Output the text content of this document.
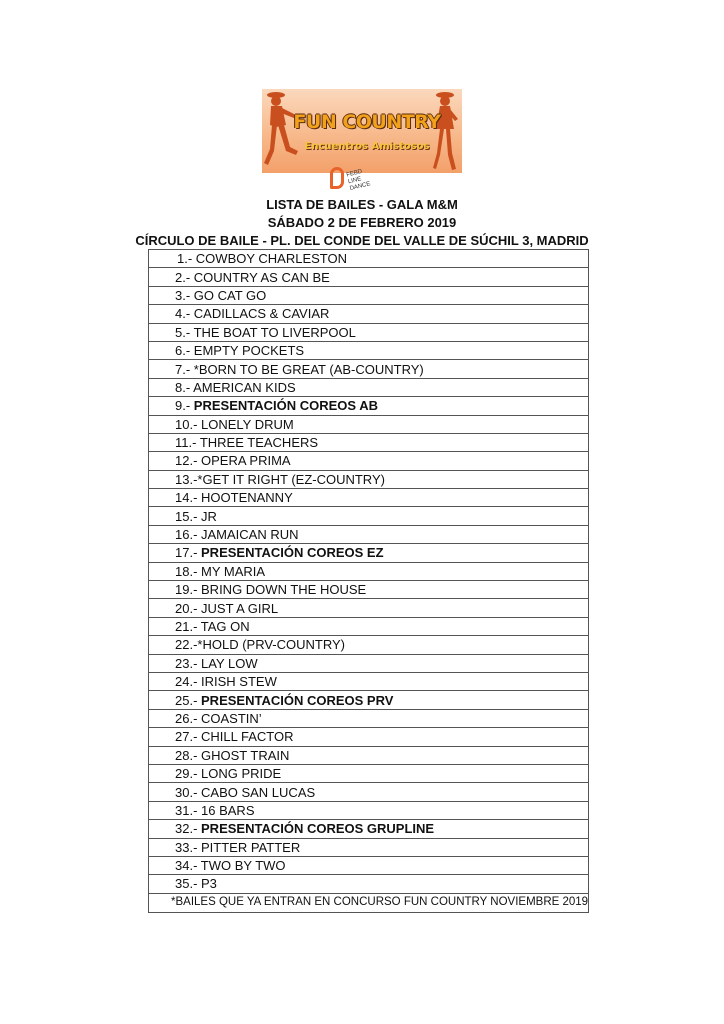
FUN COUNTRY
Encuentros Amistosos
FEBD LINE DANCE
LISTA DE BAILES - GALA M&M
SÁBADO 2 DE FEBRERO 2019
CÍRCULO DE BAILE - PL. DEL CONDE DEL VALLE DE SÚCHIL 3, MADRID
1.- COWBOY CHARLESTON
2.- COUNTRY AS CAN BE
3.- GO CAT GO
4.- CADILLACS & CAVIAR
5.- THE BOAT TO LIVERPOOL
6.- EMPTY POCKETS
7.- *BORN TO BE GREAT (AB-COUNTRY)
8.- AMERICAN KIDS
9.- PRESENTACIÓN COREOS AB
10.- LONELY DRUM
11.- THREE TEACHERS
12.- OPERA PRIMA
13.-*GET IT RIGHT (EZ-COUNTRY)
14.- HOOTENANNY
15.- JR
16.- JAMAICAN RUN
17.- PRESENTACIÓN COREOS EZ
18.- MY MARIA
19.- BRING DOWN THE HOUSE
20.- JUST A GIRL
21.- TAG ON
22.-*HOLD (PRV-COUNTRY)
23.- LAY LOW
24.- IRISH STEW
25.- PRESENTACIÓN COREOS PRV
26.- COASTIN’
27.- CHILL FACTOR
28.- GHOST TRAIN
29.- LONG PRIDE
30.- CABO SAN LUCAS
31.- 16 BARS
32.- PRESENTACIÓN COREOS GRUPLINE
33.- PITTER PATTER
34.- TWO BY TWO
35.- P3
*BAILES QUE YA ENTRAN EN CONCURSO FUN COUNTRY NOVIEMBRE 2019
